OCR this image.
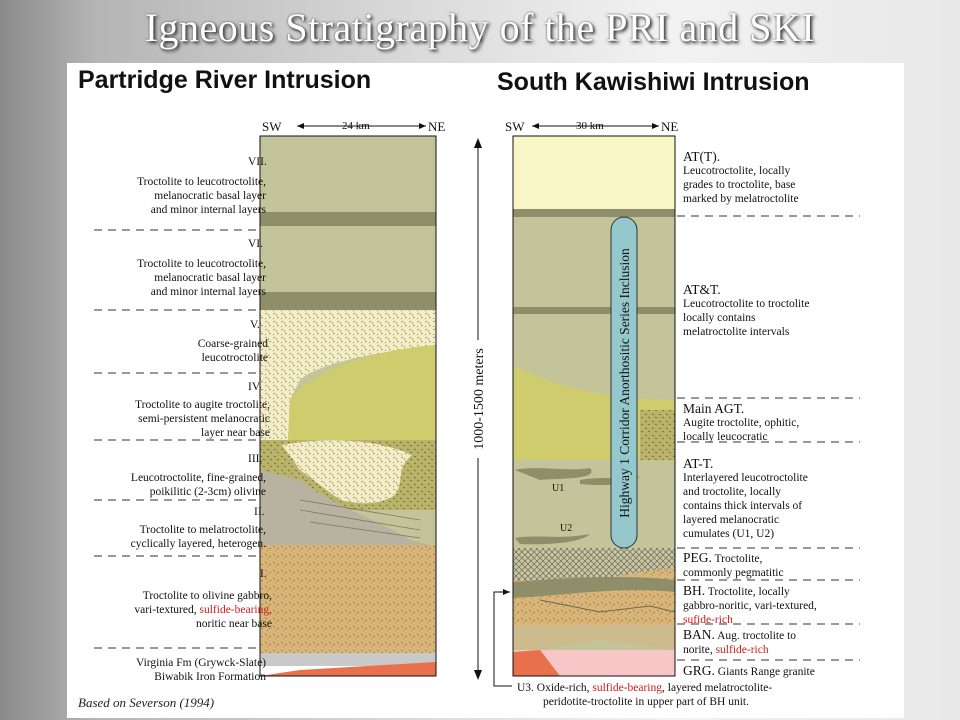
Igneous Stratigraphy of the PRI and SKI
Partridge River Intrusion	South Kawishiwi Intrusion
1000-1500 meters	Highway 1 Corridor Anorthositic Series Inclusion
SW	24 km	NE	SW	30 km	NE
U1
U2
VII.
Troctolite to leucotroctolite,
melanocratic basal layer
and minor internal layers
VI.
Troctolite to leucotroctolite,
melanocratic basal layer
and minor internal layers
V.
Coarse-grained
leucotroctolite
IV.
Troctolite to augite troctolite,
semi-persistent melanocratic
layer near base
III.
Leucotroctolite, fine-grained,
poikilitic (2-3cm) olivine
II.
Troctolite to melatroctolite,
cyclically layered, heterogen.
I.
Troctolite to olivine gabbro,
vari-textured, sulfide-bearing,
noritic near base
Virginia Fm (Grywck-Slate)
Biwabik Iron Formation
AT(T).
Leucotroctolite, locally
grades to troctolite, base
marked by melatroctolite
AT&T.
Leucotroctolite to troctolite
locally contains
melatroctolite intervals
Main AGT.
Augite troctolite, ophitic,
locally leucocratic
AT-T.
Interlayered leucotroctolite
and troctolite, locally
contains thick intervals of
layered melanocratic
cumulates (U1, U2)
PEG. Troctolite,
commonly pegmatitic
BH. Troctolite, locally
gabbro-noritic, vari-textured,
sufide-rich
BAN. Aug. troctolite to
norite, sulfide-rich
GRG. Giants Range granite
U3. Oxide-rich, sulfide-bearing, layered melatroctolite-
peridotite-troctolite in upper part of BH unit.
Based on Severson (1994)
